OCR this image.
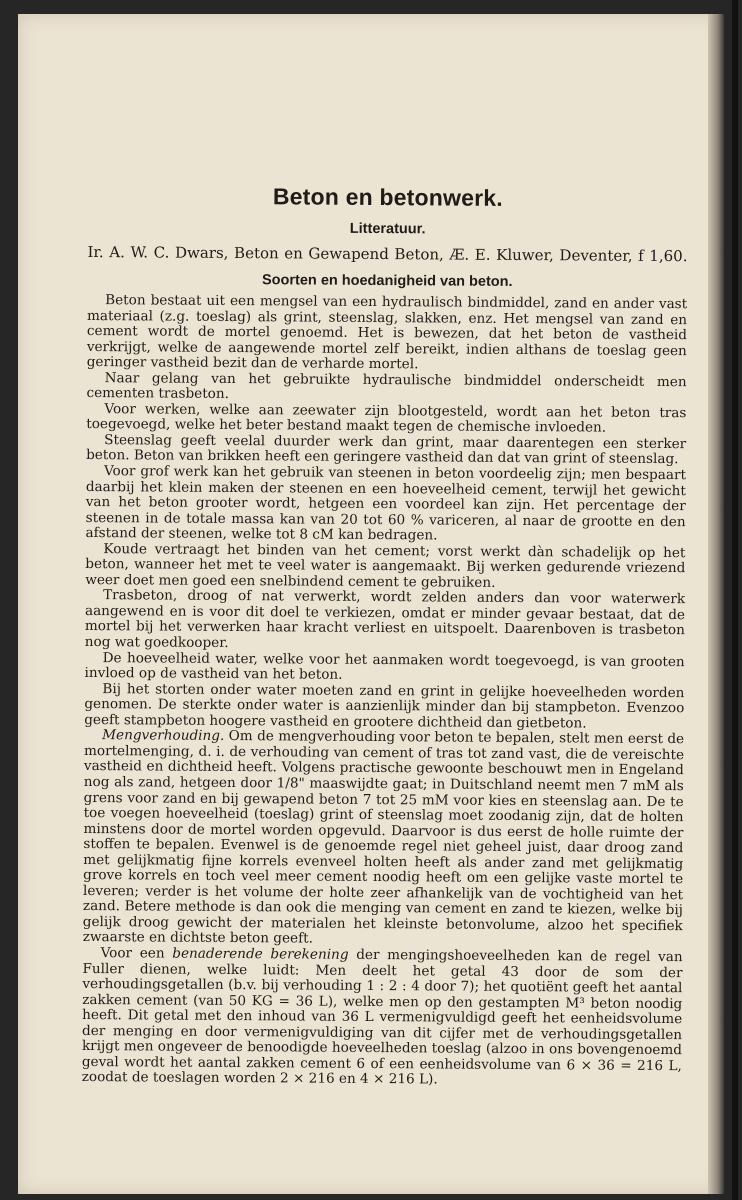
Beton en betonwerk.
Litteratuur.
Ir. A. W. C. Dwars, Beton en Gewapend Beton, Æ. E. Kluwer, Deventer, f 1,60.
Soorten en hoedanigheid van beton.

Beton bestaat uit een mengsel van een hydraulisch bindmiddel, zand en ander vast materiaal (z.g. toeslag) als grint, steenslag, slakken, enz. Het mengsel van zand en cement wordt de mortel genoemd. Het is bewezen, dat het beton de vastheid verkrijgt, welke de aangewende mortel zelf bereikt, indien althans de toeslag geen geringer vastheid bezit dan de verharde mortel.

Naar gelang van het gebruikte hydraulische bindmiddel onderscheidt men cementen trasbeton.

Voor werken, welke aan zeewater zijn blootgesteld, wordt aan het beton tras toegevoegd, welke het beter bestand maakt tegen de chemische invloeden.

Steenslag geeft veelal duurder werk dan grint, maar daarentegen een sterker beton. Beton van brikken heeft een geringere vastheid dan dat van grint of steenslag.

Voor grof werk kan het gebruik van steenen in beton voordeelig zijn; men bespaart daarbij het klein maken der steenen en een hoeveelheid cement, terwijl het gewicht van het beton grooter wordt, hetgeen een voordeel kan zijn. Het percentage der steenen in de totale massa kan van 20 tot 60 % variceren, al naar de grootte en den afstand der steenen, welke tot 8 cM kan bedragen.

Koude vertraagt het binden van het cement; vorst werkt dàn schadelijk op het beton, wanneer het met te veel water is aangemaakt. Bij werken gedurende vriezend weer doet men goed een snelbindend cement te gebruiken.

Trasbeton, droog of nat verwerkt, wordt zelden anders dan voor waterwerk aangewend en is voor dit doel te verkiezen, omdat er minder gevaar bestaat, dat de mortel bij het verwerken haar kracht verliest en uitspoelt. Daarenboven is trasbeton nog wat goedkooper.

De hoeveelheid water, welke voor het aanmaken wordt toegevoegd, is van grooten invloed op de vastheid van het beton.

Bij het storten onder water moeten zand en grint in gelijke hoeveelheden worden genomen. De sterkte onder water is aanzienlijk minder dan bij stampbeton. Evenzoo geeft stampbeton hoogere vastheid en grootere dichtheid dan gietbeton.

Mengverhouding. Om de mengverhouding voor beton te bepalen, stelt men eerst de mortelmenging, d. i. de verhouding van cement of tras tot zand vast, die de vereischte vastheid en dichtheid heeft. Volgens practische gewoonte beschouwt men in Engeland nog als zand, hetgeen door 1/8" maaswijdte gaat; in Duitschland neemt men 7 mM als grens voor zand en bij gewapend beton 7 tot 25 mM voor kies en steenslag aan. De te toe voegen hoeveelheid (toeslag) grint of steenslag moet zoodanig zijn, dat de holten minstens door de mortel worden opgevuld. Daarvoor is dus eerst de holle ruimte der stoffen te bepalen. Evenwel is de genoemde regel niet geheel juist, daar droog zand met gelijkmatig fijne korrels evenveel holten heeft als ander zand met gelijkmatig grove korrels en toch veel meer cement noodig heeft om een gelijke vaste mortel te leveren; verder is het volume der holte zeer afhankelijk van de vochtigheid van het zand. Betere methode is dan ook die menging van cement en zand te kiezen, welke bij gelijk droog gewicht der materialen het kleinste betonvolume, alzoo het specifiek zwaarste en dichtste beton geeft.

Voor een benaderende berekening der mengingshoeveelheden kan de regel van Fuller dienen, welke luidt: Men deelt het getal 43 door de som der verhoudingsgetallen (b.v. bij verhouding 1 : 2 : 4 door 7); het quotiënt geeft het aantal zakken cement (van 50 KG = 36 L), welke men op den gestampten M³ beton noodig heeft. Dit getal met den inhoud van 36 L vermenigvuldigd geeft het eenheidsvolume der menging en door vermenigvuldiging van dit cijfer met de verhoudingsgetallen krijgt men ongeveer de benoodigde hoeveelheden toeslag (alzoo in ons bovengenoemd geval wordt het aantal zakken cement 6 of een eenheidsvolume van 6 × 36 = 216 L, zoodat de toeslagen worden 2 × 216 en 4 × 216 L).
